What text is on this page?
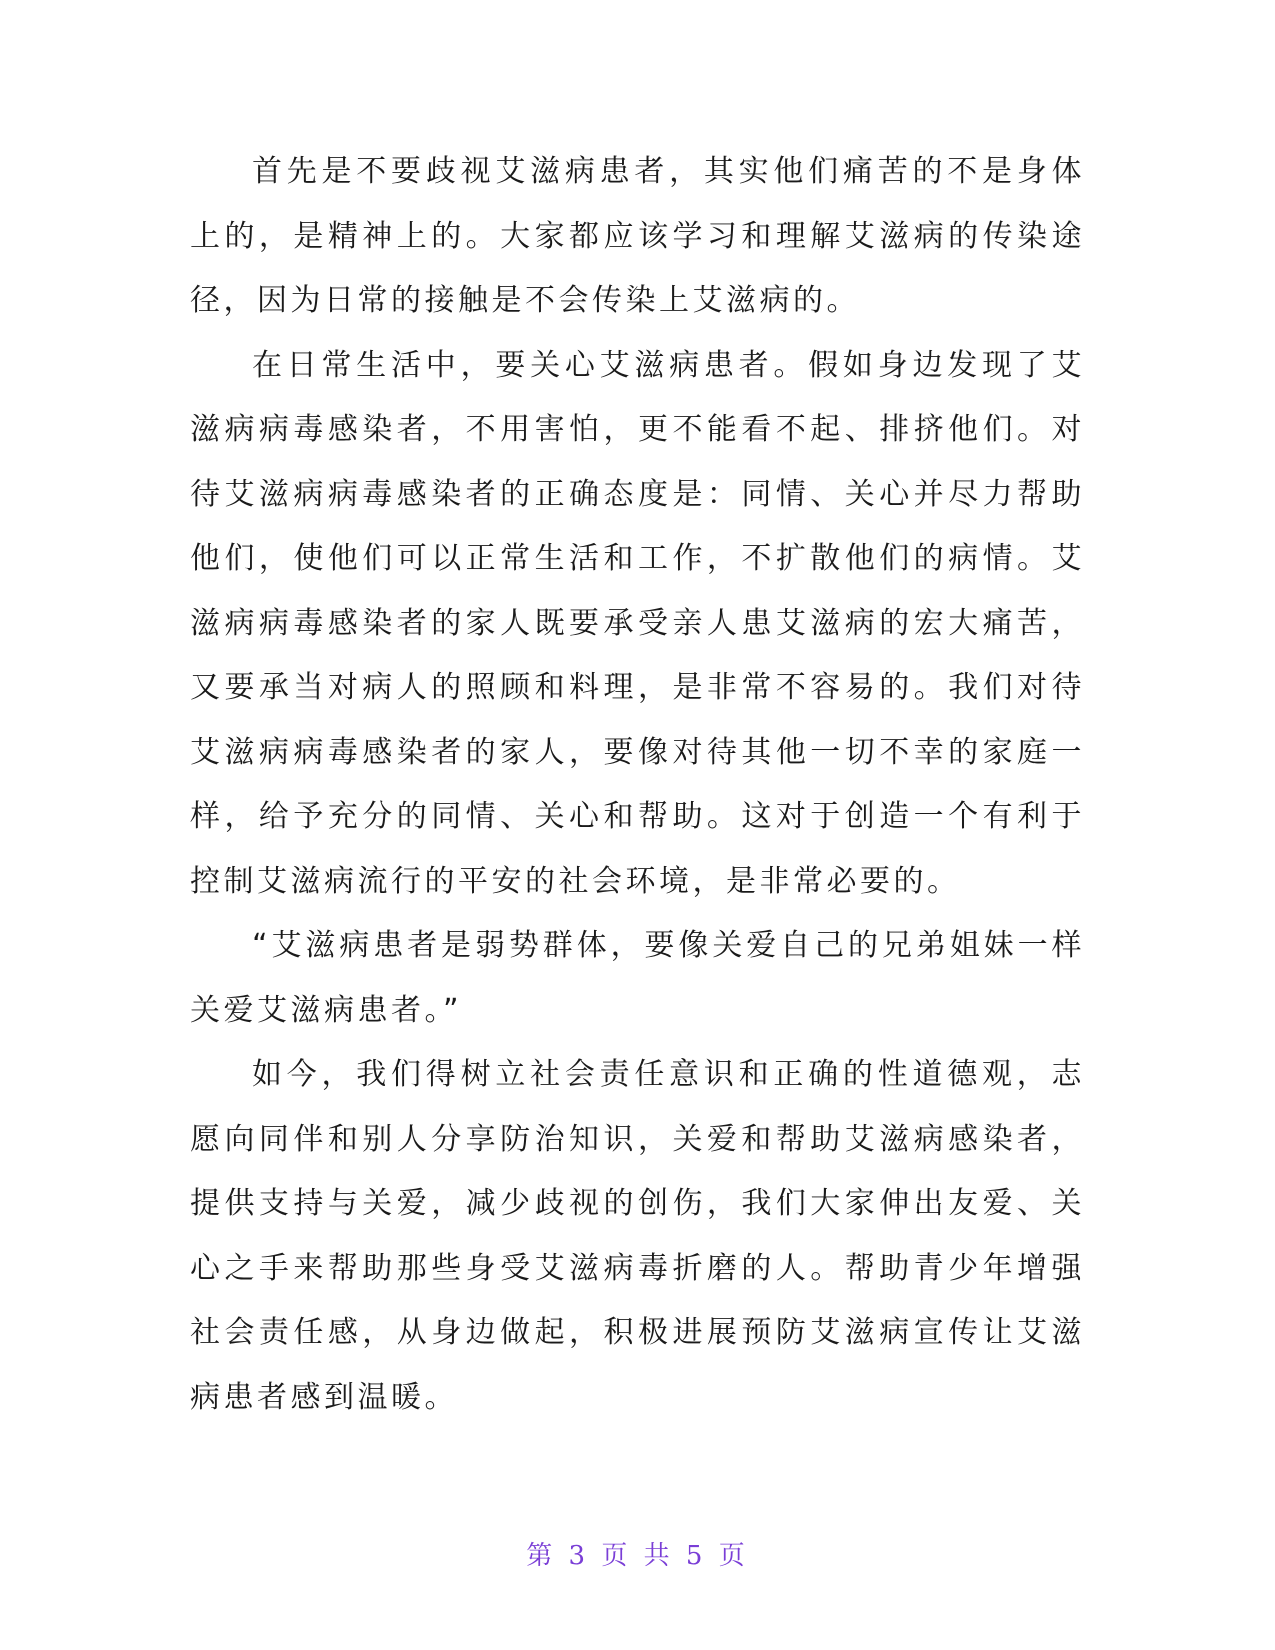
首先是不要歧视艾滋病患者，其实他们痛苦的不是身体上的，是精神上的。大家都应该学习和理解艾滋病的传染途径，因为日常的接触是不会传染上艾滋病的。

在日常生活中，要关心艾滋病患者。假如身边发现了艾滋病病毒感染者，不用害怕，更不能看不起、排挤他们。对待艾滋病病毒感染者的正确态度是：同情、关心并尽力帮助他们，使他们可以正常生活和工作，不扩散他们的病情。艾滋病病毒感染者的家人既要承受亲人患艾滋病的宏大痛苦，又要承当对病人的照顾和料理，是非常不容易的。我们对待艾滋病病毒感染者的家人，要像对待其他一切不幸的家庭一样，给予充分的同情、关心和帮助。这对于创造一个有利于控制艾滋病流行的平安的社会环境，是非常必要的。

“艾滋病患者是弱势群体，要像关爱自己的兄弟姐妹一样关爱艾滋病患者。”

如今，我们得树立社会责任意识和正确的性道德观，志愿向同伴和别人分享防治知识，关爱和帮助艾滋病感染者，提供支持与关爱，减少歧视的创伤，我们大家伸出友爱、关心之手来帮助那些身受艾滋病毒折磨的人。帮助青少年增强社会责任感，从身边做起，积极进展预防艾滋病宣传让艾滋病患者感到温暖。

第 3 页 共 5 页
